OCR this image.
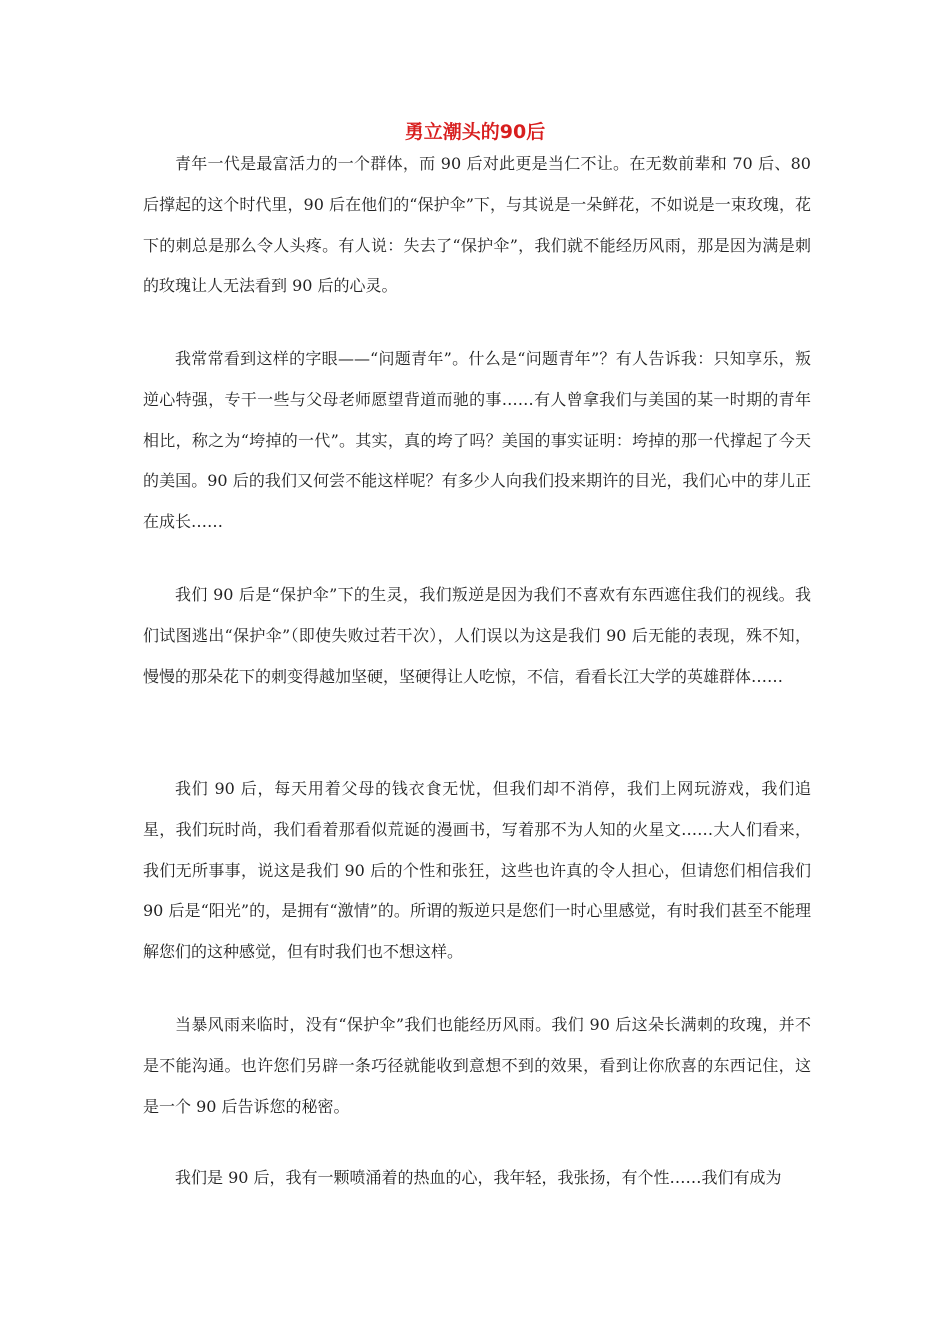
勇立潮头的90后

青年一代是最富活力的一个群体，而 90 后对此更是当仁不让。在无数前辈和 70 后、80 后撑起的这个时代里，90 后在他们的“保护伞”下，与其说是一朵鲜花，不如说是一束玫瑰，花下的刺总是那么令人头疼。有人说：失去了“保护伞”，我们就不能经历风雨，那是因为满是刺的玫瑰让人无法看到 90 后的心灵。

我常常看到这样的字眼——“问题青年”。什么是“问题青年”？有人告诉我：只知享乐，叛逆心特强，专干一些与父母老师愿望背道而驰的事……有人曾拿我们与美国的某一时期的青年相比，称之为“垮掉的一代”。其实，真的垮了吗？美国的事实证明：垮掉的那一代撑起了今天的美国。90 后的我们又何尝不能这样呢？有多少人向我们投来期许的目光，我们心中的芽儿正在成长……

我们 90 后是“保护伞”下的生灵，我们叛逆是因为我们不喜欢有东西遮住我们的视线。我们试图逃出“保护伞”（即使失败过若干次），人们误以为这是我们 90 后无能的表现，殊不知，慢慢的那朵花下的刺变得越加坚硬，坚硬得让人吃惊，不信，看看长江大学的英雄群体……

我们 90 后，每天用着父母的钱衣食无忧，但我们却不消停，我们上网玩游戏，我们追星，我们玩时尚，我们看着那看似荒诞的漫画书，写着那不为人知的火星文……大人们看来，我们无所事事，说这是我们 90 后的个性和张狂，这些也许真的令人担心，但请您们相信我们 90 后是“阳光”的，是拥有“激情”的。所谓的叛逆只是您们一时心里感觉，有时我们甚至不能理解您们的这种感觉，但有时我们也不想这样。

当暴风雨来临时，没有“保护伞”我们也能经历风雨。我们 90 后这朵长满刺的玫瑰，并不是不能沟通。也许您们另辟一条巧径就能收到意想不到的效果，看到让你欣喜的东西记住，这是一个 90 后告诉您的秘密。

我们是 90 后，我有一颗喷涌着的热血的心，我年轻，我张扬，有个性……我们有成为
